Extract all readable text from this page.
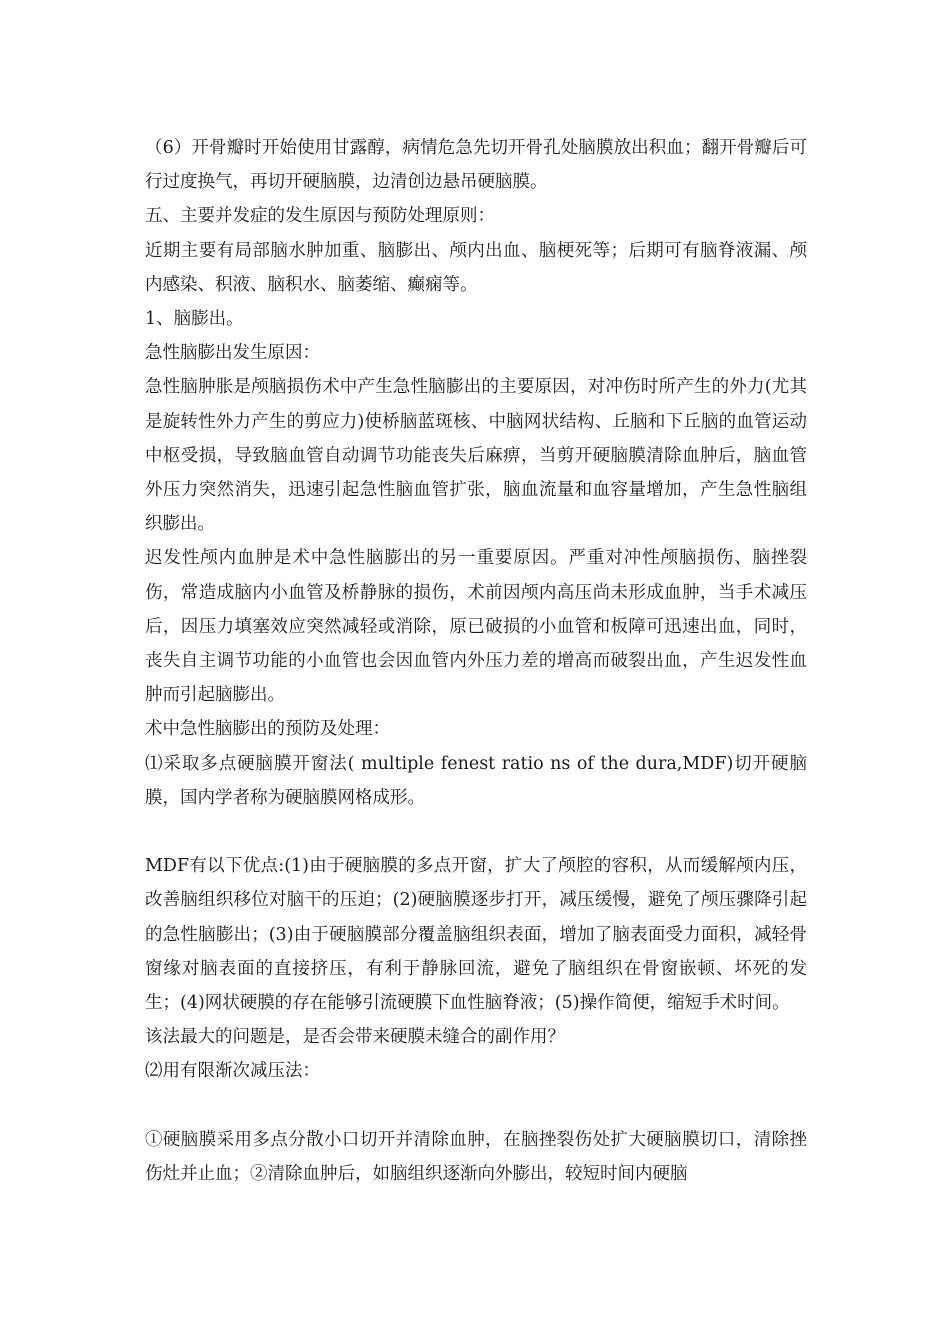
（6）开骨瓣时开始使用甘露醇，病情危急先切开骨孔处脑膜放出积血；翻开骨瓣后可行过度换气，再切开硬脑膜，边清创边悬吊硬脑膜。

五、主要并发症的发生原因与预防处理原则：

近期主要有局部脑水肿加重、脑膨出、颅内出血、脑梗死等；后期可有脑脊液漏、颅内感染、积液、脑积水、脑萎缩、癫痫等。

1、脑膨出。

急性脑膨出发生原因：

急性脑肿胀是颅脑损伤术中产生急性脑膨出的主要原因，对冲伤时所产生的外力(尤其是旋转性外力产生的剪应力)使桥脑蓝斑核、中脑网状结构、丘脑和下丘脑的血管运动中枢受损，导致脑血管自动调节功能丧失后麻痹，当剪开硬脑膜清除血肿后，脑血管外压力突然消失，迅速引起急性脑血管扩张，脑血流量和血容量增加，产生急性脑组织膨出。

迟发性颅内血肿是术中急性脑膨出的另一重要原因。严重对冲性颅脑损伤、脑挫裂伤，常造成脑内小血管及桥静脉的损伤，术前因颅内高压尚未形成血肿，当手术减压后，因压力填塞效应突然减轻或消除，原已破损的小血管和板障可迅速出血，同时，丧失自主调节功能的小血管也会因血管内外压力差的增高而破裂出血，产生迟发性血肿而引起脑膨出。

术中急性脑膨出的预防及处理：

⑴采取多点硬脑膜开窗法( multiple fenest ratio ns of the dura,MDF)切开硬脑膜，国内学者称为硬脑膜网格成形。

MDF有以下优点:(1)由于硬脑膜的多点开窗，扩大了颅腔的容积，从而缓解颅内压，改善脑组织移位对脑干的压迫；(2)硬脑膜逐步打开，减压缓慢，避免了颅压骤降引起的急性脑膨出；(3)由于硬脑膜部分覆盖脑组织表面，增加了脑表面受力面积，减轻骨窗缘对脑表面的直接挤压，有利于静脉回流，避免了脑组织在骨窗嵌顿、坏死的发生；(4)网状硬膜的存在能够引流硬膜下血性脑脊液；(5)操作简便，缩短手术时间。

该法最大的问题是，是否会带来硬膜未缝合的副作用？

⑵用有限渐次减压法：

①硬脑膜采用多点分散小口切开并清除血肿，在脑挫裂伤处扩大硬脑膜切口，清除挫伤灶并止血；②清除血肿后，如脑组织逐渐向外膨出，较短时间内硬脑
